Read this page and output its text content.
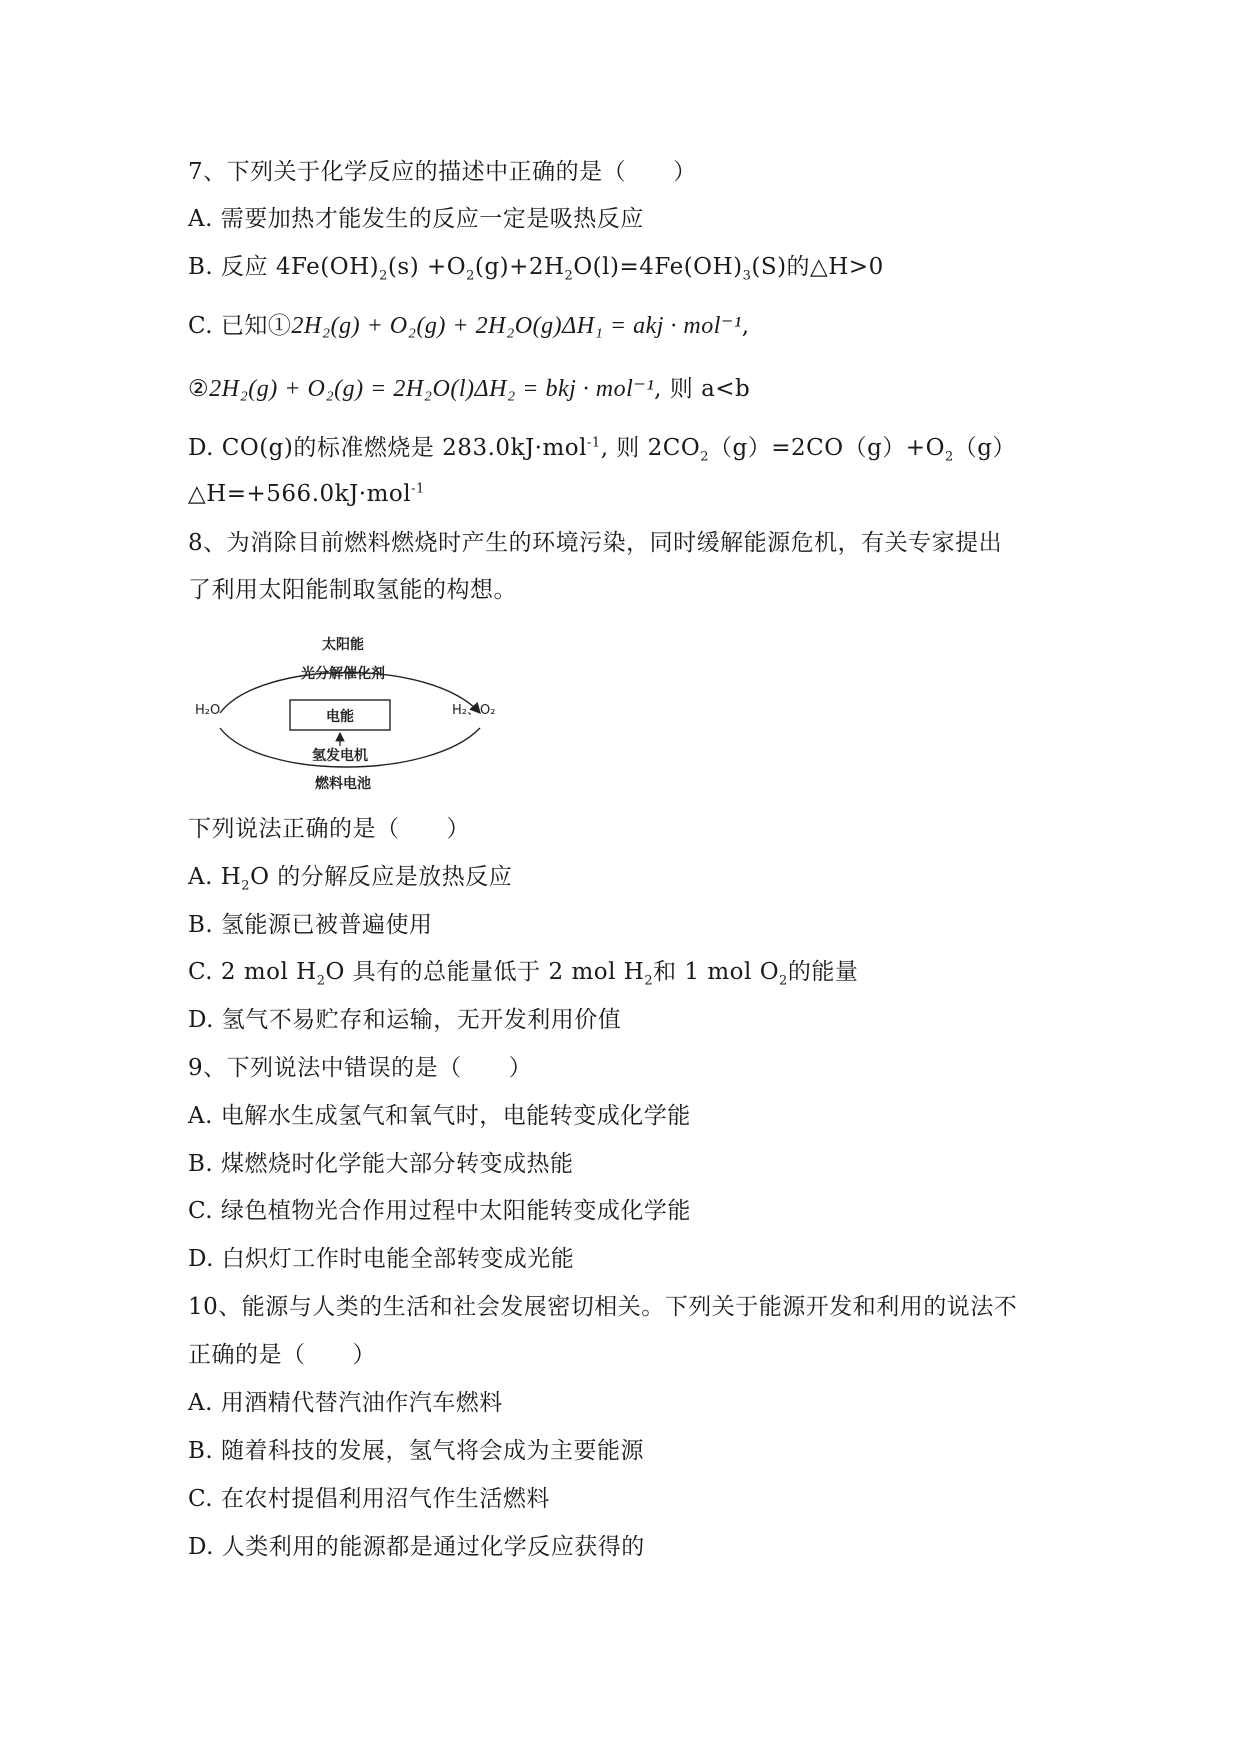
7、下列关于化学反应的描述中正确的是（　　）
A. 需要加热才能发生的反应一定是吸热反应
B. 反应 $4Fe(OH)_2(s) +O_2(g)+2H_2O(l)=4Fe(OH)_3(S)$的△H>0
C. 已知①2H₂(g) + O₂(g) + 2H₂O(g)ΔH₁ = akj · mol⁻¹,
②2H₂(g) + O₂(g) = 2H₂O(l)ΔH₂ = bkj · mol⁻¹, 则 a<b
D. CO(g)的标准燃烧是 283.0kJ·mol$^{-1}$, 则 $2CO_2(g)=2CO(g)+O_2(g)$
△H=+566.0kJ·mol$^{-1}$
8、为消除目前燃料燃烧时产生的环境污染，同时缓解能源危机，有关专家提出
了利用太阳能制取氢能的构想。
太阳能
光分解催化剂
H₂O	H₂、O₂
电能
氢发电机
燃料电池
下列说法正确的是（　　）
A. $H_2O$ 的分解反应是放热反应
B. 氢能源已被普遍使用
C. 2 mol $H_2O$ 具有的总能量低于 2 mol $H_2$和 1 mol $O_2$的能量
D. 氢气不易贮存和运输，无开发利用价值
9、下列说法中错误的是（　　）
A. 电解水生成氢气和氧气时，电能转变成化学能
B. 煤燃烧时化学能大部分转变成热能
C. 绿色植物光合作用过程中太阳能转变成化学能
D. 白炽灯工作时电能全部转变成光能
10、能源与人类的生活和社会发展密切相关。下列关于能源开发和利用的说法不
正确的是（　　）
A. 用酒精代替汽油作汽车燃料
B. 随着科技的发展，氢气将会成为主要能源
C. 在农村提倡利用沼气作生活燃料
D. 人类利用的能源都是通过化学反应获得的
